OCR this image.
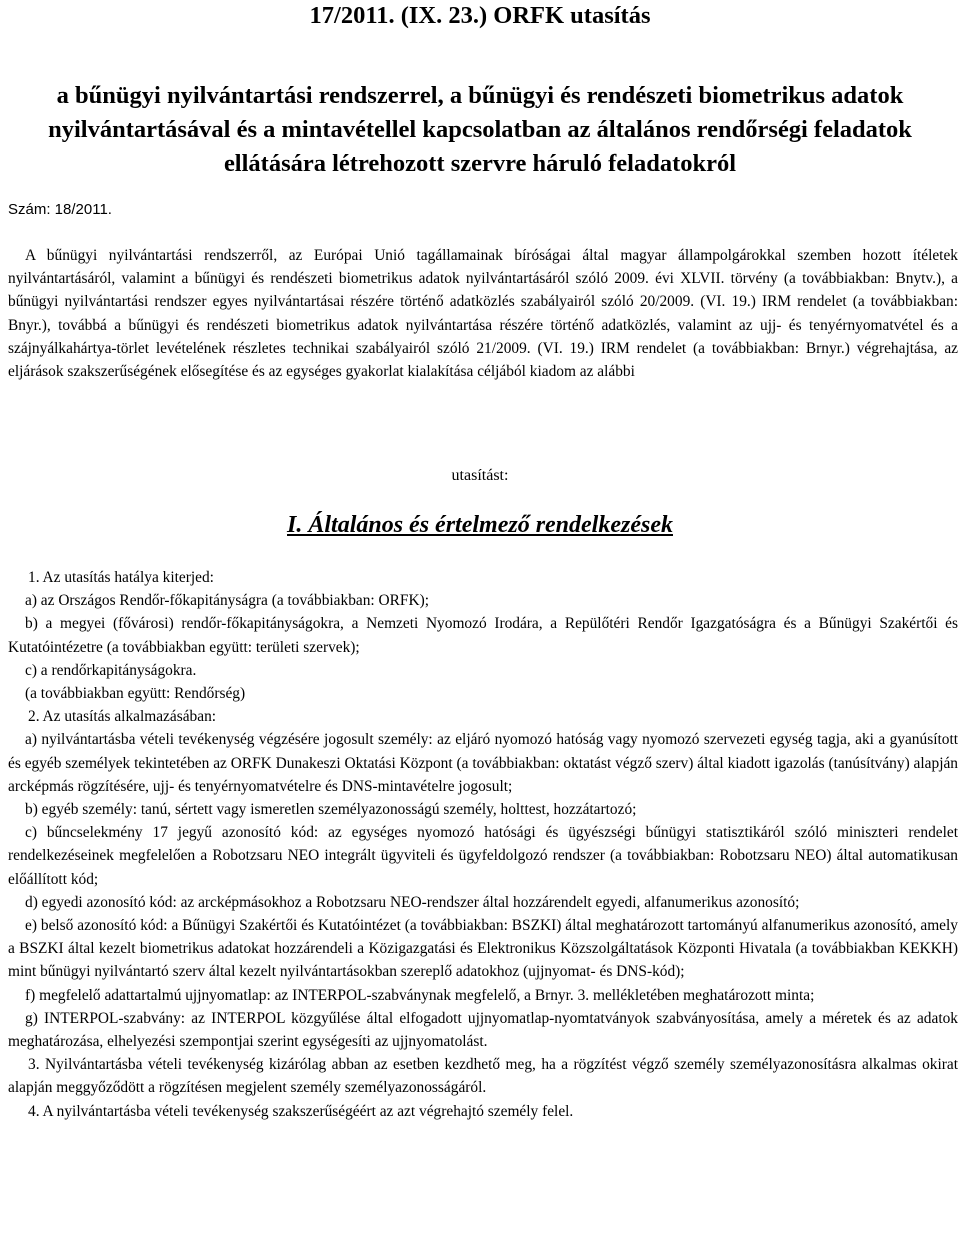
17/2011. (IX. 23.) ORFK utasítás
a bűnügyi nyilvántartási rendszerrel, a bűnügyi és rendészeti biometrikus adatok nyilvántartásával és a mintavétellel kapcsolatban az általános rendőrségi feladatok ellátására létrehozott szervre háruló feladatokról
Szám: 18/2011.

A bűnügyi nyilvántartási rendszerről, az Európai Unió tagállamainak bíróságai által magyar állampolgárokkal szemben hozott ítéletek nyilvántartásáról, valamint a bűnügyi és rendészeti biometrikus adatok nyilvántartásáról szóló 2009. évi XLVII. törvény (a továbbiakban: Bnytv.), a bűnügyi nyilvántartási rendszer egyes nyilvántartásai részére történő adatközlés szabályairól szóló 20/2009. (VI. 19.) IRM rendelet (a továbbiakban: Bnyr.), továbbá a bűnügyi és rendészeti biometrikus adatok nyilvántartása részére történő adatközlés, valamint az ujj- és tenyérnyomatvétel és a szájnyálkahártya-törlet levételének részletes technikai szabályairól szóló 21/2009. (VI. 19.) IRM rendelet (a továbbiakban: Brnyr.) végrehajtása, az eljárások szakszerűségének elősegítése és az egységes gyakorlat kialakítása céljából kiadom az alábbi

utasítást:
I. Általános és értelmező rendelkezések

1. Az utasítás hatálya kiterjed:

a) az Országos Rendőr-főkapitányságra (a továbbiakban: ORFK);

b) a megyei (fővárosi) rendőr-főkapitányságokra, a Nemzeti Nyomozó Irodára, a Repülőtéri Rendőr Igazgatóságra és a Bűnügyi Szakértői és Kutatóintézetre (a továbbiakban együtt: területi szervek);

c) a rendőrkapitányságokra.

(a továbbiakban együtt: Rendőrség)

2. Az utasítás alkalmazásában:

a) nyilvántartásba vételi tevékenység végzésére jogosult személy: az eljáró nyomozó hatóság vagy nyomozó szervezeti egység tagja, aki a gyanúsított és egyéb személyek tekintetében az ORFK Dunakeszi Oktatási Központ (a továbbiakban: oktatást végző szerv) által kiadott igazolás (tanúsítvány) alapján arcképmás rögzítésére, ujj- és tenyérnyomatvételre és DNS-mintavételre jogosult;

b) egyéb személy: tanú, sértett vagy ismeretlen személyazonosságú személy, holttest, hozzátartozó;

c) bűncselekmény 17 jegyű azonosító kód: az egységes nyomozó hatósági és ügyészségi bűnügyi statisztikáról szóló miniszteri rendelet rendelkezéseinek megfelelően a Robotzsaru NEO integrált ügyviteli és ügyfeldolgozó rendszer (a továbbiakban: Robotzsaru NEO) által automatikusan előállított kód;

d) egyedi azonosító kód: az arcképmásokhoz a Robotzsaru NEO-rendszer által hozzárendelt egyedi, alfanumerikus azonosító;

e) belső azonosító kód: a Bűnügyi Szakértői és Kutatóintézet (a továbbiakban: BSZKI) által meghatározott tartományú alfanumerikus azonosító, amely a BSZKI által kezelt biometrikus adatokat hozzárendeli a Közigazgatási és Elektronikus Közszolgáltatások Központi Hivatala (a továbbiakban KEKKH) mint bűnügyi nyilvántartó szerv által kezelt nyilvántartásokban szereplő adatokhoz (ujjnyomat- és DNS-kód);

f) megfelelő adattartalmú ujjnyomatlap: az INTERPOL-szabványnak megfelelő, a Brnyr. 3. mellékletében meghatározott minta;

g) INTERPOL-szabvány: az INTERPOL közgyűlése által elfogadott ujjnyomatlap-nyomtatványok szabványosítása, amely a méretek és az adatok meghatározása, elhelyezési szempontjai szerint egységesíti az ujjnyomatolást.

3. Nyilvántartásba vételi tevékenység kizárólag abban az esetben kezdhető meg, ha a rögzítést végző személy személyazonosításra alkalmas okirat alapján meggyőződött a rögzítésen megjelent személy személyazonosságáról.

4. A nyilvántartásba vételi tevékenység szakszerűségéért az azt végrehajtó személy felel.
